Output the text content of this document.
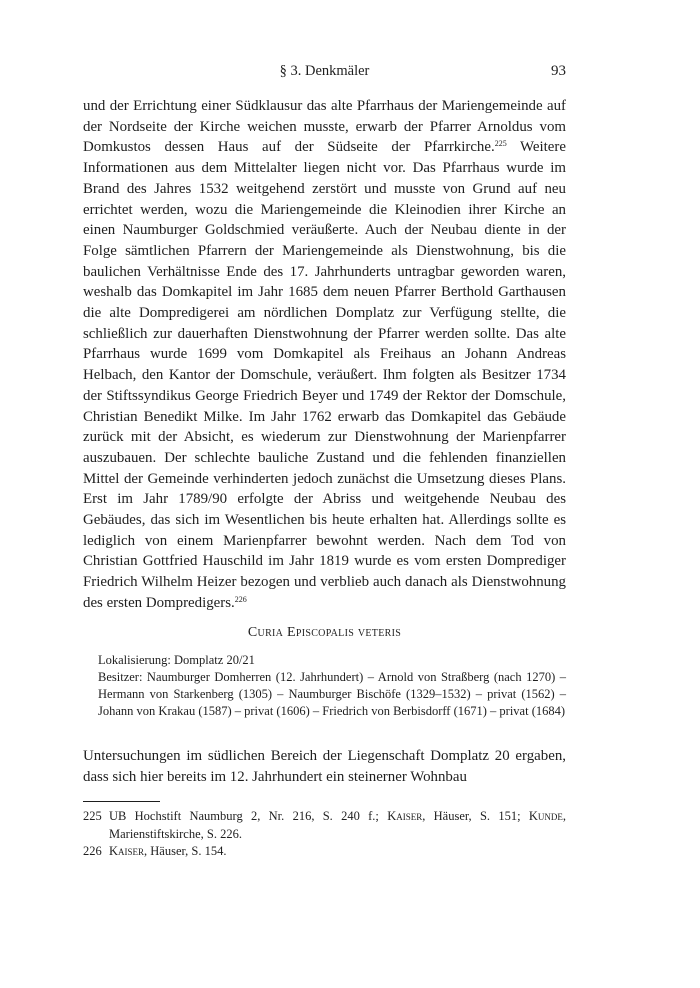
§ 3. Denkmäler	93

und der Errichtung einer Südklausur das alte Pfarrhaus der Mariengemeinde auf der Nordseite der Kirche weichen musste, erwarb der Pfarrer Arnoldus vom Domkustos dessen Haus auf der Südseite der Pfarrkirche.$^{225}$ Weitere Informationen aus dem Mittelalter liegen nicht vor. Das Pfarrhaus wurde im Brand des Jahres 1532 weitgehend zerstört und musste von Grund auf neu errichtet werden, wozu die Mariengemeinde die Kleinodien ihrer Kirche an einen Naumburger Goldschmied veräußerte. Auch der Neubau diente in der Folge sämtlichen Pfarrern der Mariengemeinde als Dienstwohnung, bis die baulichen Verhältnisse Ende des 17. Jahrhunderts untragbar geworden waren, weshalb das Domkapitel im Jahr 1685 dem neuen Pfarrer Berthold Garthausen die alte Dompredigerei am nördlichen Domplatz zur Verfügung stellte, die schließlich zur dauerhaften Dienstwohnung der Pfarrer werden sollte. Das alte Pfarrhaus wurde 1699 vom Domkapitel als Freihaus an Johann Andreas Helbach, den Kantor der Domschule, veräußert. Ihm folgten als Besitzer 1734 der Stiftssyndikus George Friedrich Beyer und 1749 der Rektor der Domschule, Christian Benedikt Milke. Im Jahr 1762 erwarb das Domkapitel das Gebäude zurück mit der Absicht, es wiederum zur Dienstwohnung der Marienpfarrer auszubauen. Der schlechte bauliche Zustand und die fehlenden finanziellen Mittel der Gemeinde verhinderten jedoch zunächst die Umsetzung dieses Plans. Erst im Jahr 1789/90 erfolgte der Abriss und weitgehende Neubau des Gebäudes, das sich im Wesentlichen bis heute erhalten hat. Allerdings sollte es lediglich von einem Marienpfarrer bewohnt werden. Nach dem Tod von Christian Gottfried Hauschild im Jahr 1819 wurde es vom ersten Domprediger Friedrich Wilhelm Heizer bezogen und verblieb auch danach als Dienstwohnung des ersten Dompredigers.$^{226}$

Curia Episcopalis veteris

Lokalisierung: Domplatz 20/21

Besitzer: Naumburger Domherren (12. Jahrhundert) – Arnold von Straßberg (nach 1270) – Hermann von Starkenberg (1305) – Naumburger Bischöfe (1329–1532) – privat (1562) – Johann von Krakau (1587) – privat (1606) – Friedrich von Berbisdorff (1671) – privat (1684)

Untersuchungen im südlichen Bereich der Liegenschaft Domplatz 20 ergaben, dass sich hier bereits im 12. Jahrhundert ein steinerner Wohnbau

225 UB Hochstift Naumburg 2, Nr. 216, S. 240 f.; Kaiser, Häuser, S. 151; Kunde, Marienstiftskirche, S. 226.
226 Kaiser, Häuser, S. 154.
